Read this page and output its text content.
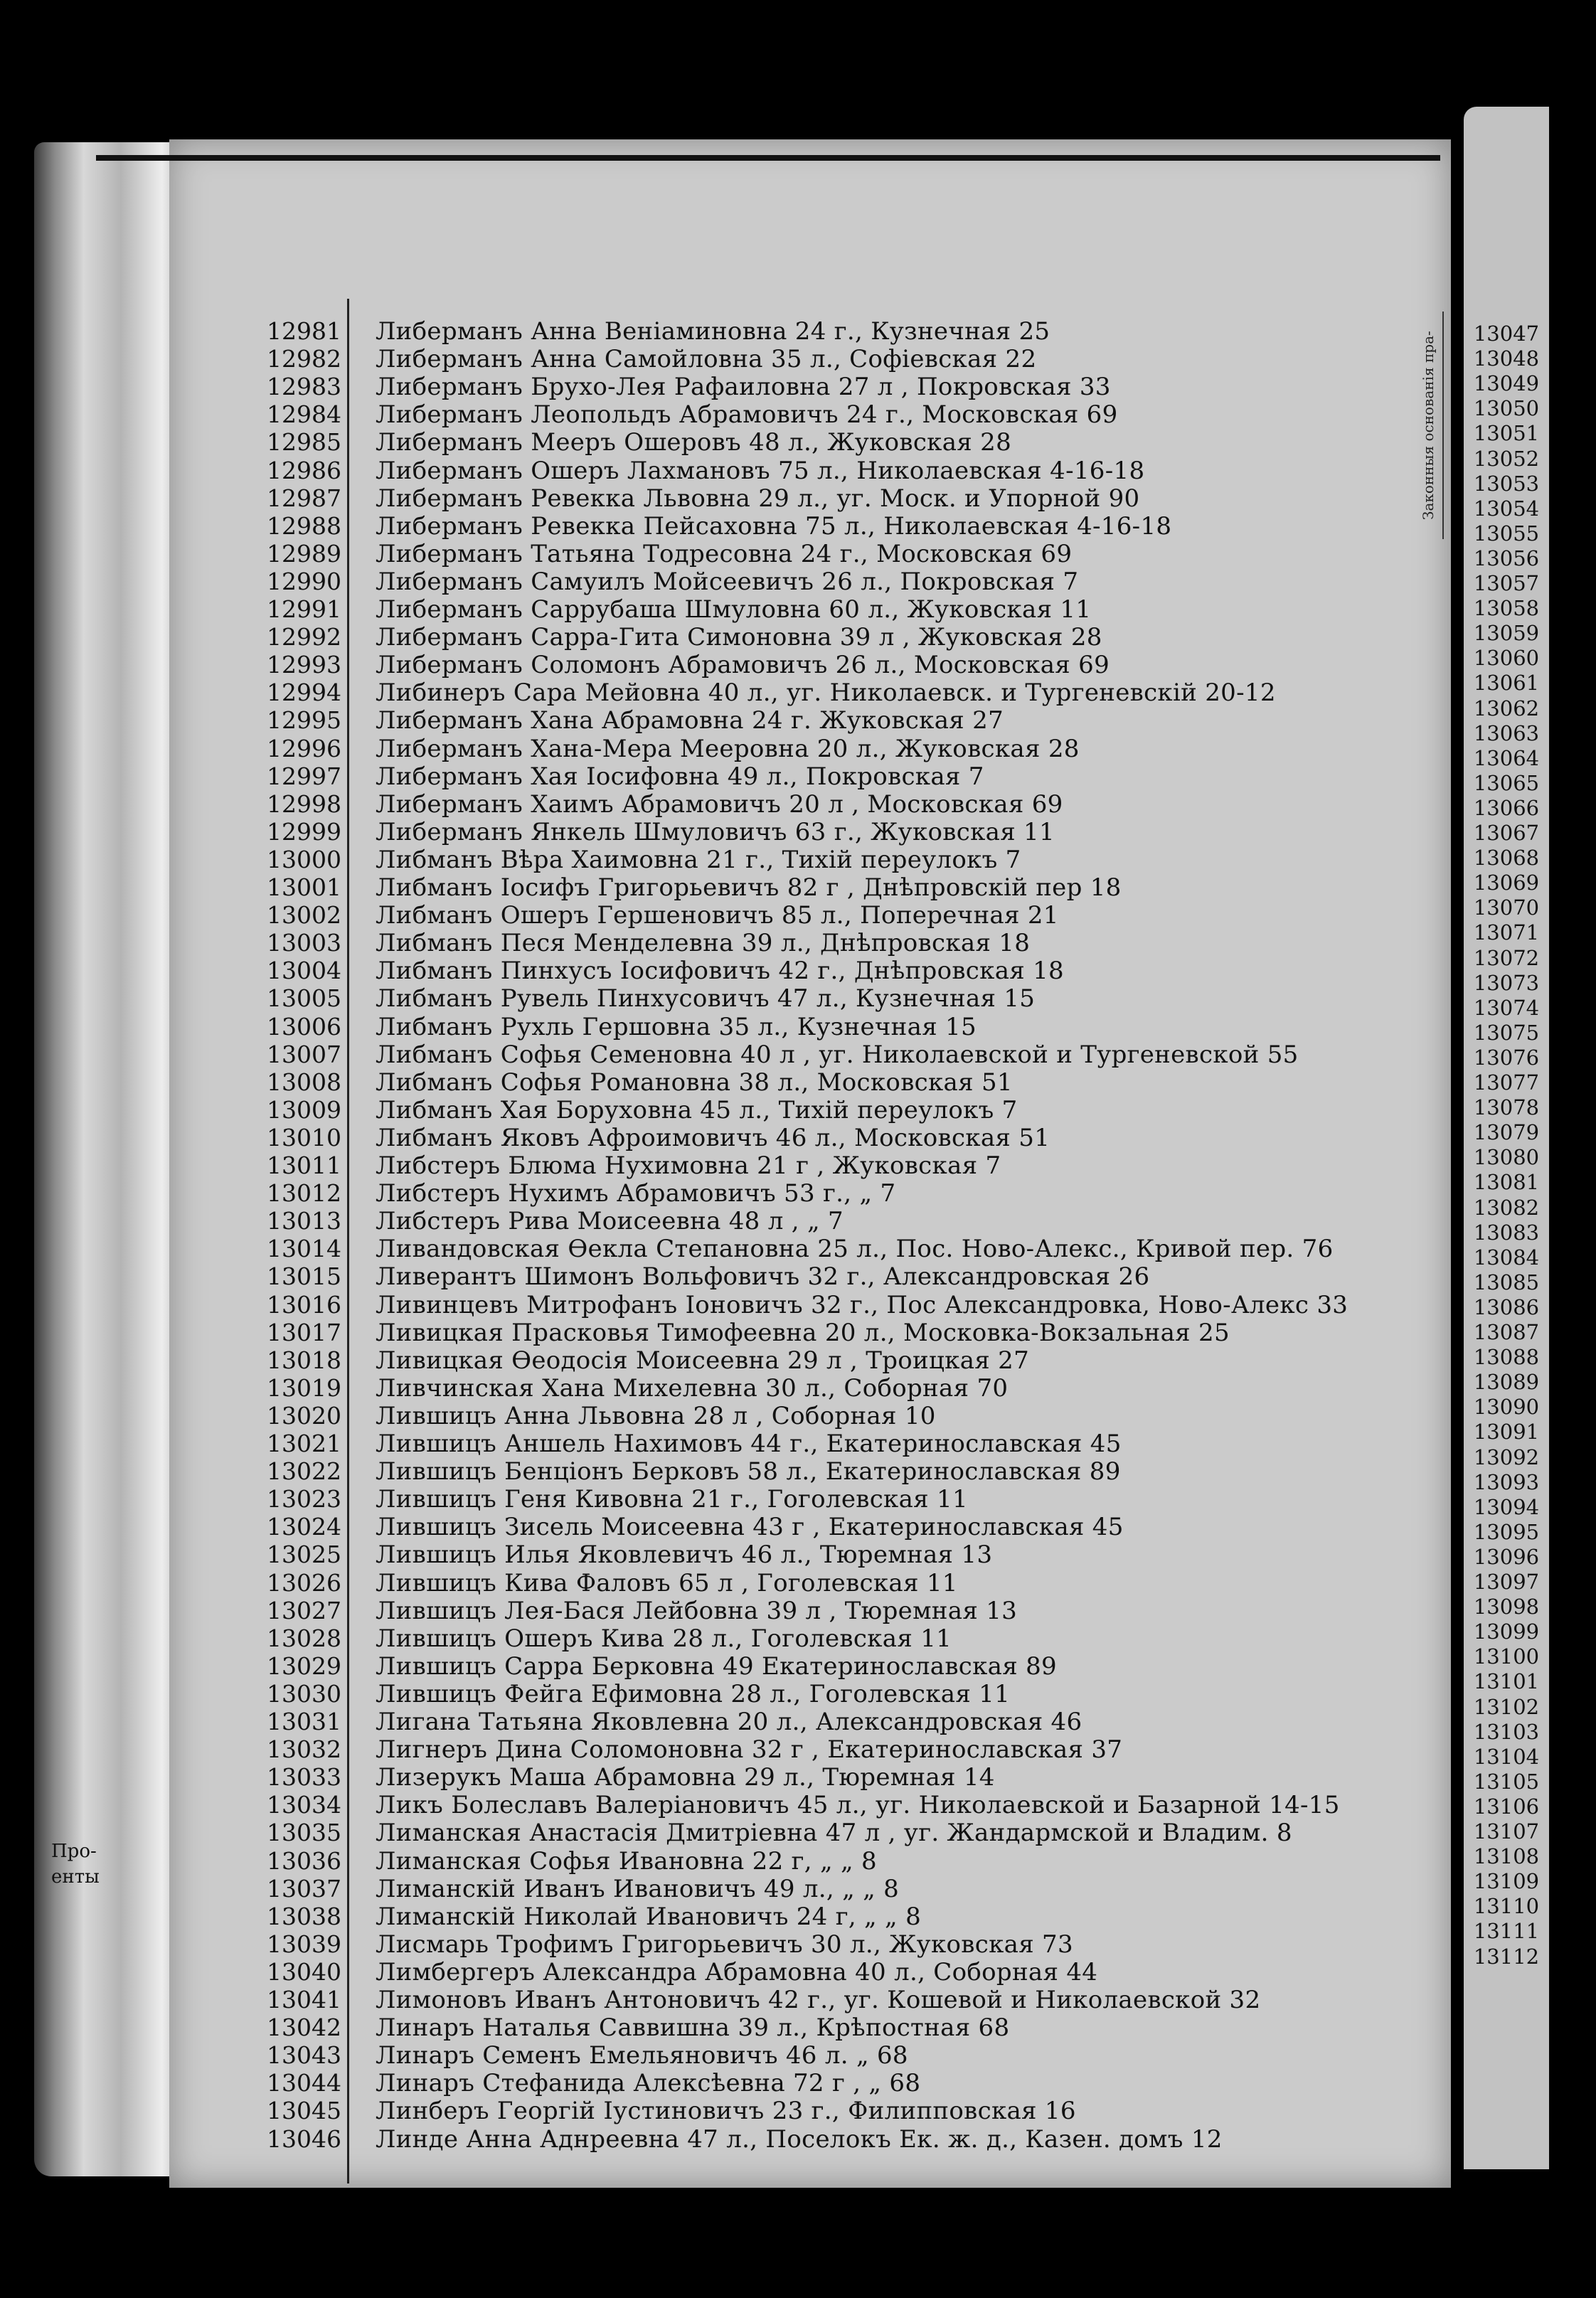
Про-
енты
Законныя основанія пра-
12981 Либерманъ Анна Веніаминовна 24 г., Кузнечная 25
12982 Либерманъ Анна Самойловна 35 л., Софіевская 22
12983 Либерманъ Брухо-Лея Рафаиловна 27 л , Покровская 33
12984 Либерманъ Леопольдъ Абрамовичъ 24 г., Московская 69
12985 Либерманъ Мееръ Ошеровъ 48 л., Жуковская 28
12986 Либерманъ Ошеръ Лахмановъ 75 л., Николаевская 4-16-18
12987 Либерманъ Ревекка Львовна 29 л., уг. Моск. и Упорной 90
12988 Либерманъ Ревекка Пейсаховна 75 л., Николаевская 4-16-18
12989 Либерманъ Татьяна Тодресовна 24 г., Московская 69
12990 Либерманъ Самуилъ Мойсеевичъ 26 л., Покровская 7
12991 Либерманъ Саррубаша Шмуловна 60 л., Жуковская 11
12992 Либерманъ Сарра-Гита Симоновна 39 л , Жуковская 28
12993 Либерманъ Соломонъ Абрамовичъ 26 л., Московская 69
12994 Либинеръ Сара Мейовна 40 л., уг. Николаевск. и Тургеневскій 20-12
12995 Либерманъ Хана Абрамовна 24 г. Жуковская 27
12996 Либерманъ Хана-Мера Мееровна 20 л., Жуковская 28
12997 Либерманъ Хая Іосифовна 49 л., Покровская 7
12998 Либерманъ Хаимъ Абрамовичъ 20 л , Московская 69
12999 Либерманъ Янкель Шмуловичъ 63 г., Жуковская 11
13000 Либманъ Вѣра Хаимовна 21 г., Тихій переулокъ 7
13001 Либманъ Іосифъ Григорьевичъ 82 г , Днѣпровскій пер 18
13002 Либманъ Ошеръ Гершеновичъ 85 л., Поперечная 21
13003 Либманъ Песя Менделевна 39 л., Днѣпровская 18
13004 Либманъ Пинхусъ Іосифовичъ 42 г., Днѣпровская 18
13005 Либманъ Рувель Пинхусовичъ 47 л., Кузнечная 15
13006 Либманъ Рухль Гершовна 35 л., Кузнечная 15
13007 Либманъ Софья Семеновна 40 л , уг. Николаевской и Тургеневской 55
13008 Либманъ Софья Романовна 38 л., Московская 51
13009 Либманъ Хая Боруховна 45 л., Тихій переулокъ 7
13010 Либманъ Яковъ Афроимовичъ 46 л., Московская 51
13011 Либстеръ Блюма Нухимовна 21 г , Жуковская 7
13012 Либстеръ Нухимъ Абрамовичъ 53 г., „ 7
13013 Либстеръ Рива Моисеевна 48 л , „ 7
13014 Ливандовская Өекла Степановна 25 л., Пос. Ново-Алекс., Кривой пер. 76
13015 Ливерантъ Шимонъ Вольфовичъ 32 г., Александровская 26
13016 Ливинцевъ Митрофанъ Іоновичъ 32 г., Пос Александровка, Ново-Алекс 33
13017 Ливицкая Прасковья Тимофеевна 20 л., Московка-Вокзальная 25
13018 Ливицкая Өеодосія Моисеевна 29 л , Троицкая 27
13019 Ливчинская Хана Михелевна 30 л., Соборная 70
13020 Лившицъ Анна Львовна 28 л , Соборная 10
13021 Лившицъ Аншель Нахимовъ 44 г., Екатеринославская 45
13022 Лившицъ Бенціонъ Берковъ 58 л., Екатеринославская 89
13023 Лившицъ Геня Кивовна 21 г., Гоголевская 11
13024 Лившицъ Зисель Моисеевна 43 г , Екатеринославская 45
13025 Лившицъ Илья Яковлевичъ 46 л., Тюремная 13
13026 Лившицъ Кива Фаловъ 65 л , Гоголевская 11
13027 Лившицъ Лея-Бася Лейбовна 39 л , Тюремная 13
13028 Лившицъ Ошеръ Кива 28 л., Гоголевская 11
13029 Лившицъ Сарра Берковна 49 Екатеринославская 89
13030 Лившицъ Фейга Ефимовна 28 л., Гоголевская 11
13031 Лигана Татьяна Яковлевна 20 л., Александровская 46
13032 Лигнеръ Дина Соломоновна 32 г , Екатеринославская 37
13033 Лизерукъ Маша Абрамовна 29 л., Тюремная 14
13034 Ликъ Болеславъ Валеріановичъ 45 л., уг. Николаевской и Базарной 14-15
13035 Лиманская Анастасія Дмитріевна 47 л , уг. Жандармской и Владим. 8
13036 Лиманская Софья Ивановна 22 г, „ „ 8
13037 Лиманскій Иванъ Ивановичъ 49 л., „ „ 8
13038 Лиманскій Николай Ивановичъ 24 г, „ „ 8
13039 Лисмарь Трофимъ Григорьевичъ 30 л., Жуковская 73
13040 Лимбергеръ Александра Абрамовна 40 л., Соборная 44
13041 Лимоновъ Иванъ Антоновичъ 42 г., уг. Кошевой и Николаевской 32
13042 Линаръ Наталья Саввишна 39 л., Крѣпостная 68
13043 Линаръ Семенъ Емельяновичъ 46 л. „ 68
13044 Линаръ Стефанида Алексѣевна 72 г , „ 68
13045 Линберъ Георгій Іустиновичъ 23 г., Филипповская 16
13046 Линде Анна Аднреевна 47 л., Поселокъ Ек. ж. д., Казен. домъ 12
13047
13048
13049
13050
13051
13052
13053
13054
13055
13056
13057
13058
13059
13060
13061
13062
13063
13064
13065
13066
13067
13068
13069
13070
13071
13072
13073
13074
13075
13076
13077
13078
13079
13080
13081
13082
13083
13084
13085
13086
13087
13088
13089
13090
13091
13092
13093
13094
13095
13096
13097
13098
13099
13100
13101
13102
13103
13104
13105
13106
13107
13108
13109
13110
13111
13112
